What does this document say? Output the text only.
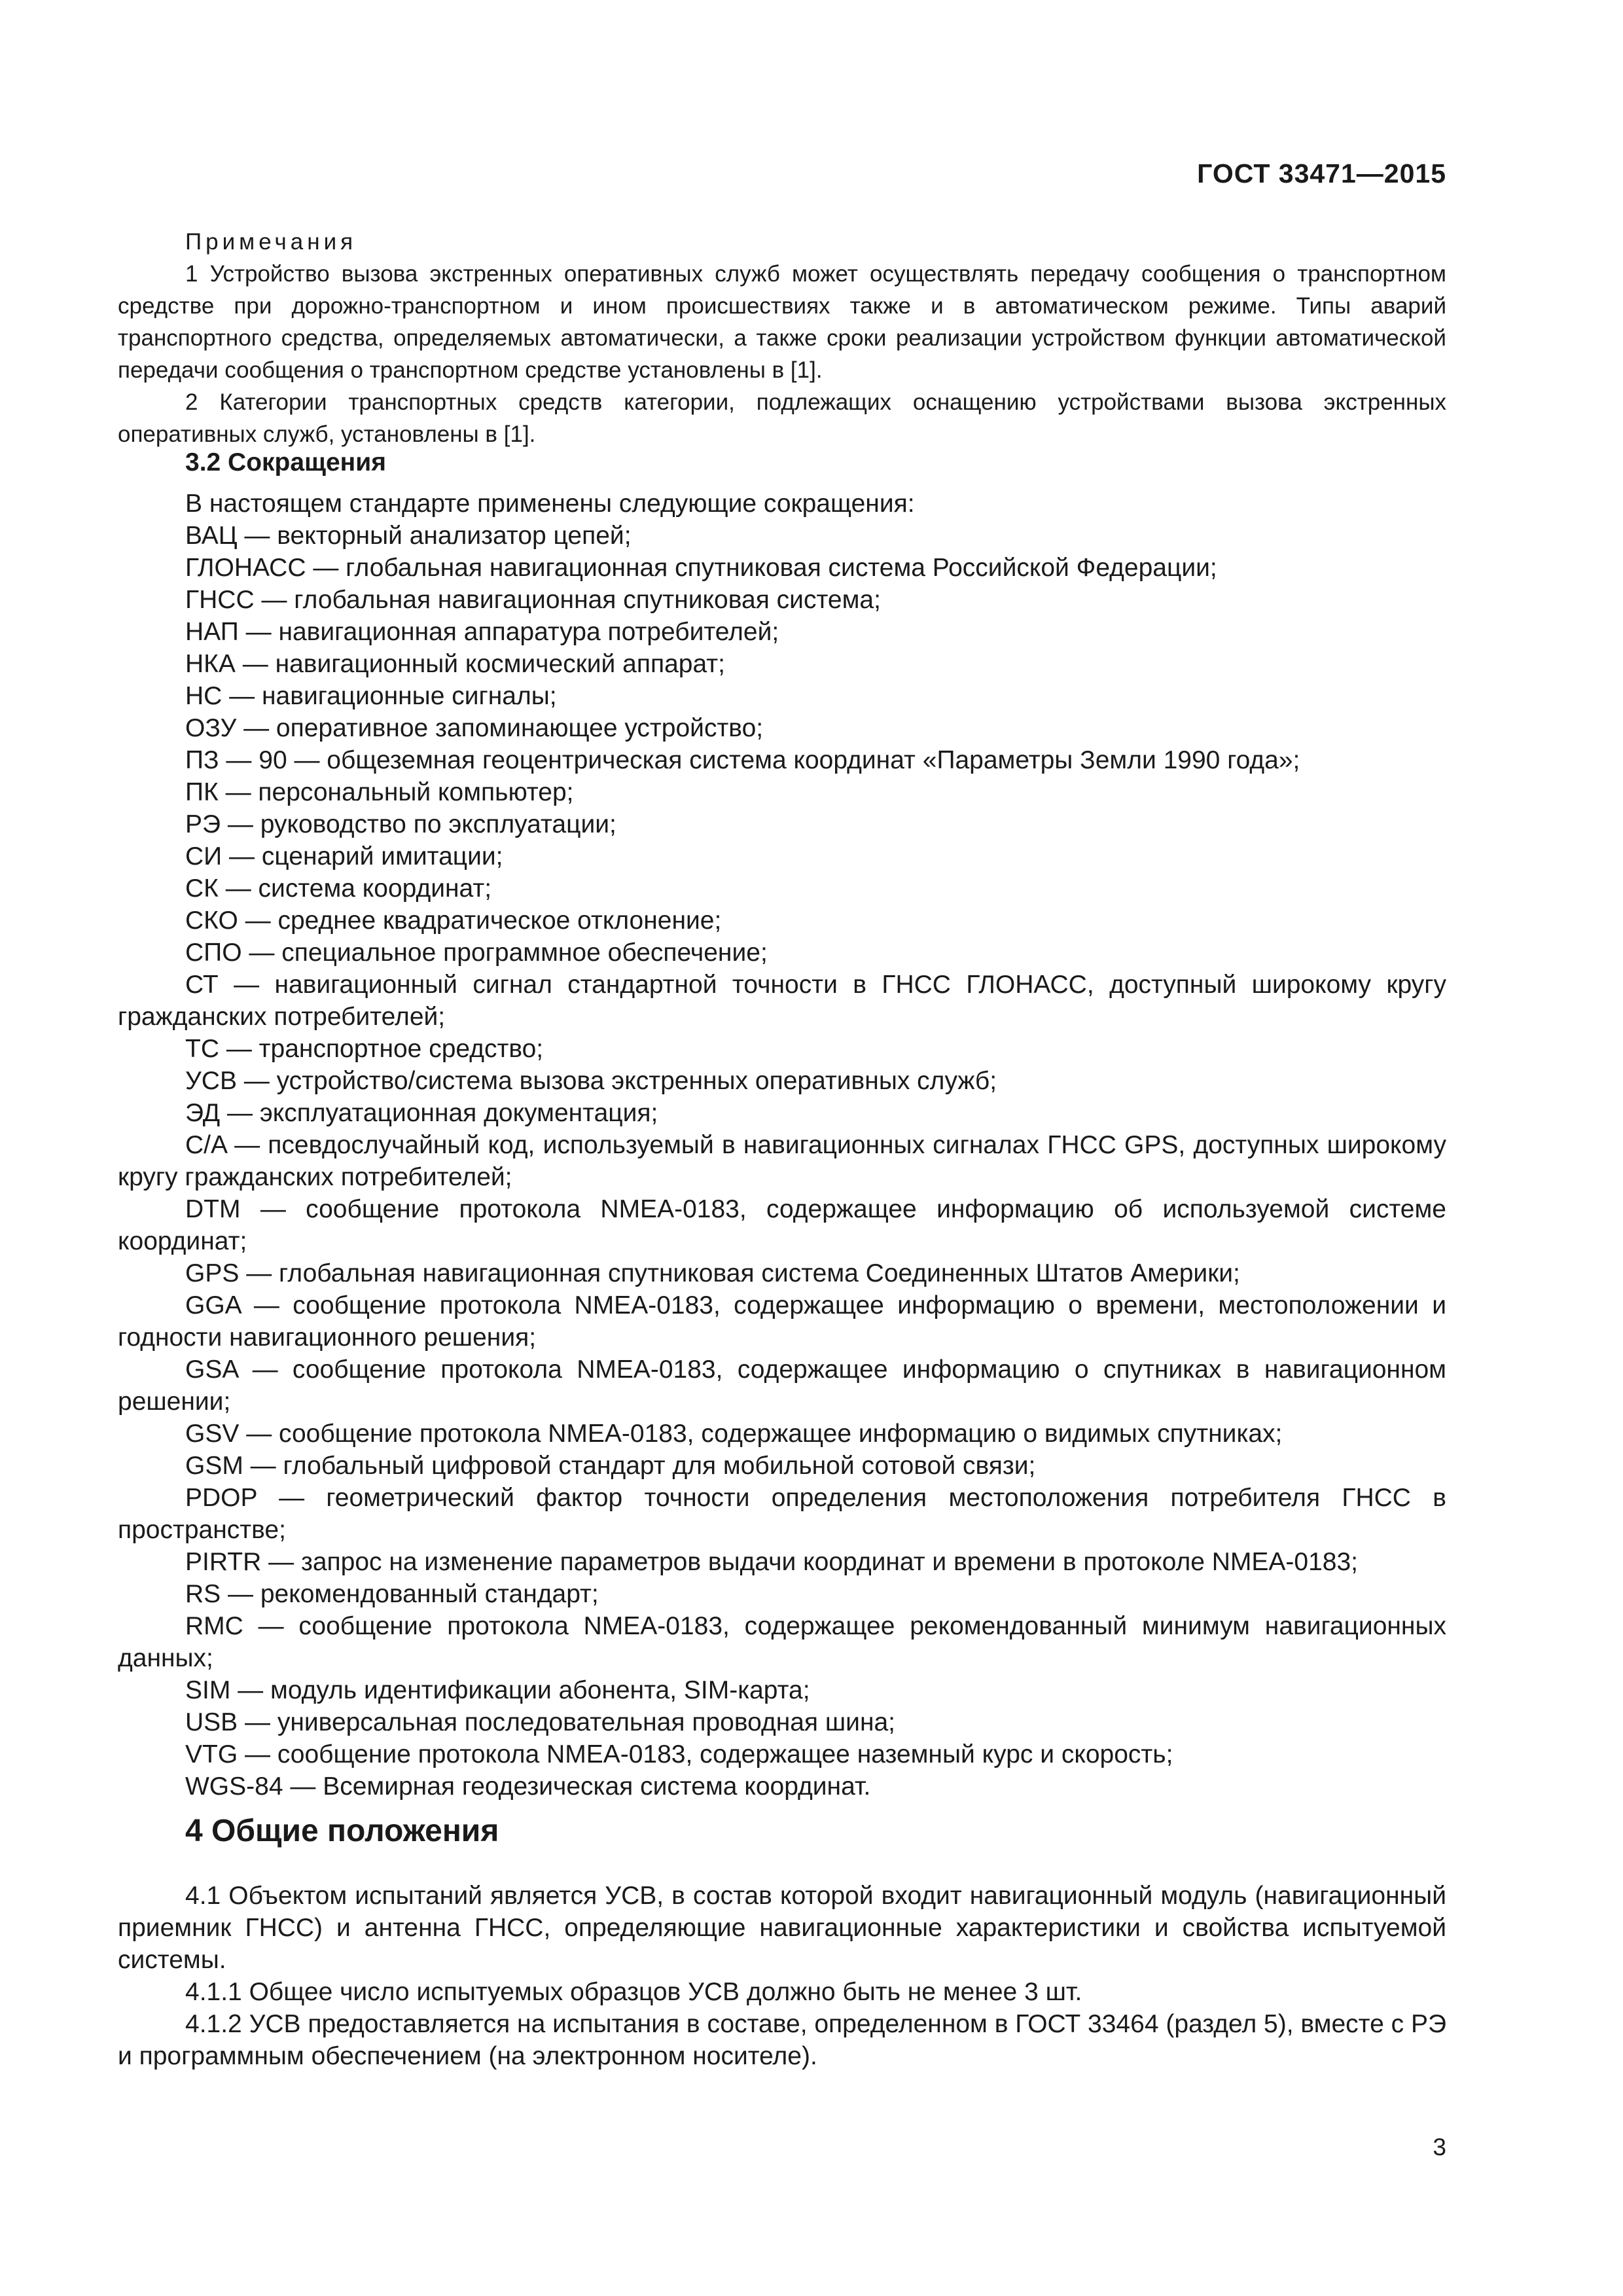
ГОСТ 33471—2015

Примечания

1 Устройство вызова экстренных оперативных служб может осуществлять передачу сообщения о транспортном средстве при дорожно-транспортном и ином происшествиях также и в автоматическом режиме. Типы аварий транспортного средства, определяемых автоматически, а также сроки реализации устройством функции автоматической передачи сообщения о транспортном средстве установлены в [1].

2 Категории транспортных средств категории, подлежащих оснащению устройствами вызова экстренных оперативных служб, установлены в [1].

3.2 Сокращения

В настоящем стандарте применены следующие сокращения:

ВАЦ — векторный анализатор цепей;
ГЛОНАСС — глобальная навигационная спутниковая система Российской Федерации;
ГНСС — глобальная навигационная спутниковая система;
НАП — навигационная аппаратура потребителей;
НКА — навигационный космический аппарат;
НС — навигационные сигналы;
ОЗУ — оперативное запоминающее устройство;
ПЗ — 90 — общеземная геоцентрическая система координат «Параметры Земли 1990 года»;
ПК — персональный компьютер;
РЭ — руководство по эксплуатации;
СИ — сценарий имитации;
СК — система координат;
СКО — среднее квадратическое отклонение;
СПО — специальное программное обеспечение;
СТ — навигационный сигнал стандартной точности в ГНСС ГЛОНАСС, доступный широкому кругу гражданских потребителей;
ТС — транспортное средство;
УСВ — устройство/система вызова экстренных оперативных служб;
ЭД — эксплуатационная документация;
C/A — псевдослучайный код, используемый в навигационных сигналах ГНСС GPS, доступных широкому кругу гражданских потребителей;
DTM — сообщение протокола NMEA-0183, содержащее информацию об используемой системе координат;
GPS — глобальная навигационная спутниковая система Соединенных Штатов Америки;
GGA — сообщение протокола NMEA-0183, содержащее информацию о времени, местоположении и годности навигационного решения;
GSA — сообщение протокола NMEA-0183, содержащее информацию о спутниках в навигационном решении;
GSV — сообщение протокола NMEA-0183, содержащее информацию о видимых спутниках;
GSM — глобальный цифровой стандарт для мобильной сотовой связи;
PDOP — геометрический фактор точности определения местоположения потребителя ГНСС в пространстве;
PIRTR — запрос на изменение параметров выдачи координат и времени в протоколе NMEA-0183;
RS — рекомендованный стандарт;
RMC — сообщение протокола NMEA-0183, содержащее рекомендованный минимум навигационных данных;
SIM — модуль идентификации абонента, SIM-карта;
USB — универсальная последовательная проводная шина;
VTG — сообщение протокола NMEA-0183, содержащее наземный курс и скорость;
WGS-84 — Всемирная геодезическая система координат.
4 Общие положения

4.1 Объектом испытаний является УСВ, в состав которой входит навигационный модуль (навигационный приемник ГНСС) и антенна ГНСС, определяющие навигационные характеристики и свойства испытуемой системы.

4.1.1 Общее число испытуемых образцов УСВ должно быть не менее 3 шт.

4.1.2 УСВ предоставляется на испытания в составе, определенном в ГОСТ 33464 (раздел 5), вместе с РЭ и программным обеспечением (на электронном носителе).

3
